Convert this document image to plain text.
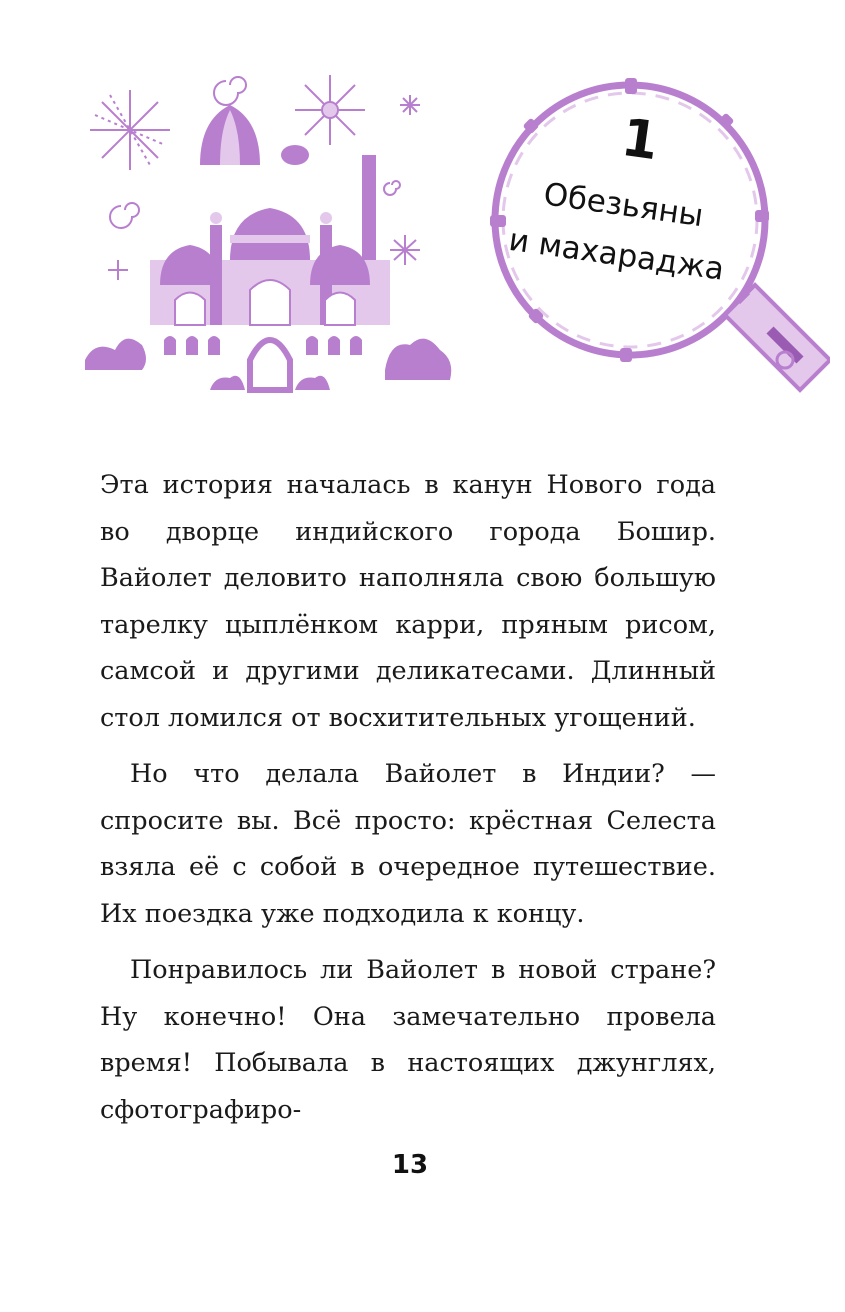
1
Обезьяны
и махараджа

Эта история началась в канун Нового года во дворце индийского города Бошир. Вайолет деловито наполняла свою большую тарелку цыплёнком карри, пряным рисом, самсой и другими деликатесами. Длинный стол ломился от восхитительных угощений.

Но что делала Вайолет в Индии? — спросите вы. Всё просто: крёстная Селеста взяла её с собой в очередное путешествие. Их поездка уже подходила к концу.

Понравилось ли Вайолет в новой стране? Ну конечно! Она замечательно провела время! Побывала в настоящих джунглях, сфотографиро-

13
